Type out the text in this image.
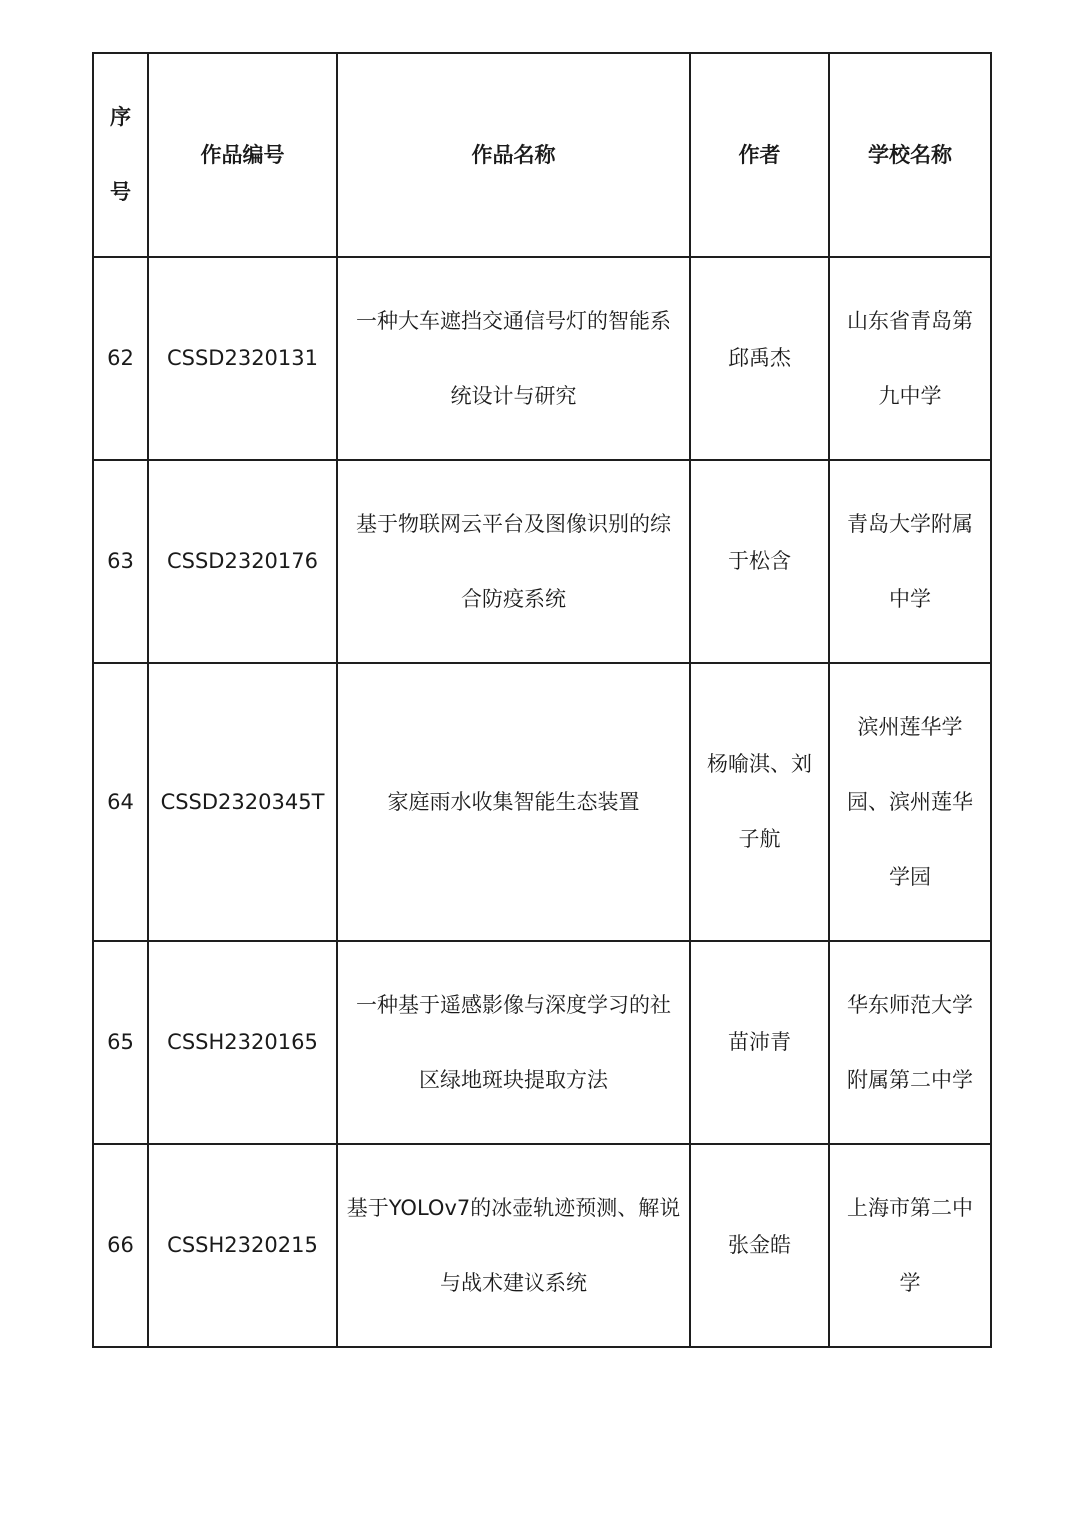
序号	作品编号	作品名称	作者	学校名称
62	CSSD2320131	一种大车遮挡交通信号灯的智能系统设计与研究	邱禹杰	山东省青岛第九中学
63	CSSD2320176	基于物联网云平台及图像识别的综合防疫系统	于松含	青岛大学附属中学
64	CSSD2320345T	家庭雨水收集智能生态装置	杨喻淇、刘子航	滨州莲华学园、滨州莲华学园
65	CSSH2320165	一种基于遥感影像与深度学习的社区绿地斑块提取方法	苗沛青	华东师范大学附属第二中学
66	CSSH2320215	基于YOLOv7的冰壶轨迹预测、解说与战术建议系统	张金皓	上海市第二中学
